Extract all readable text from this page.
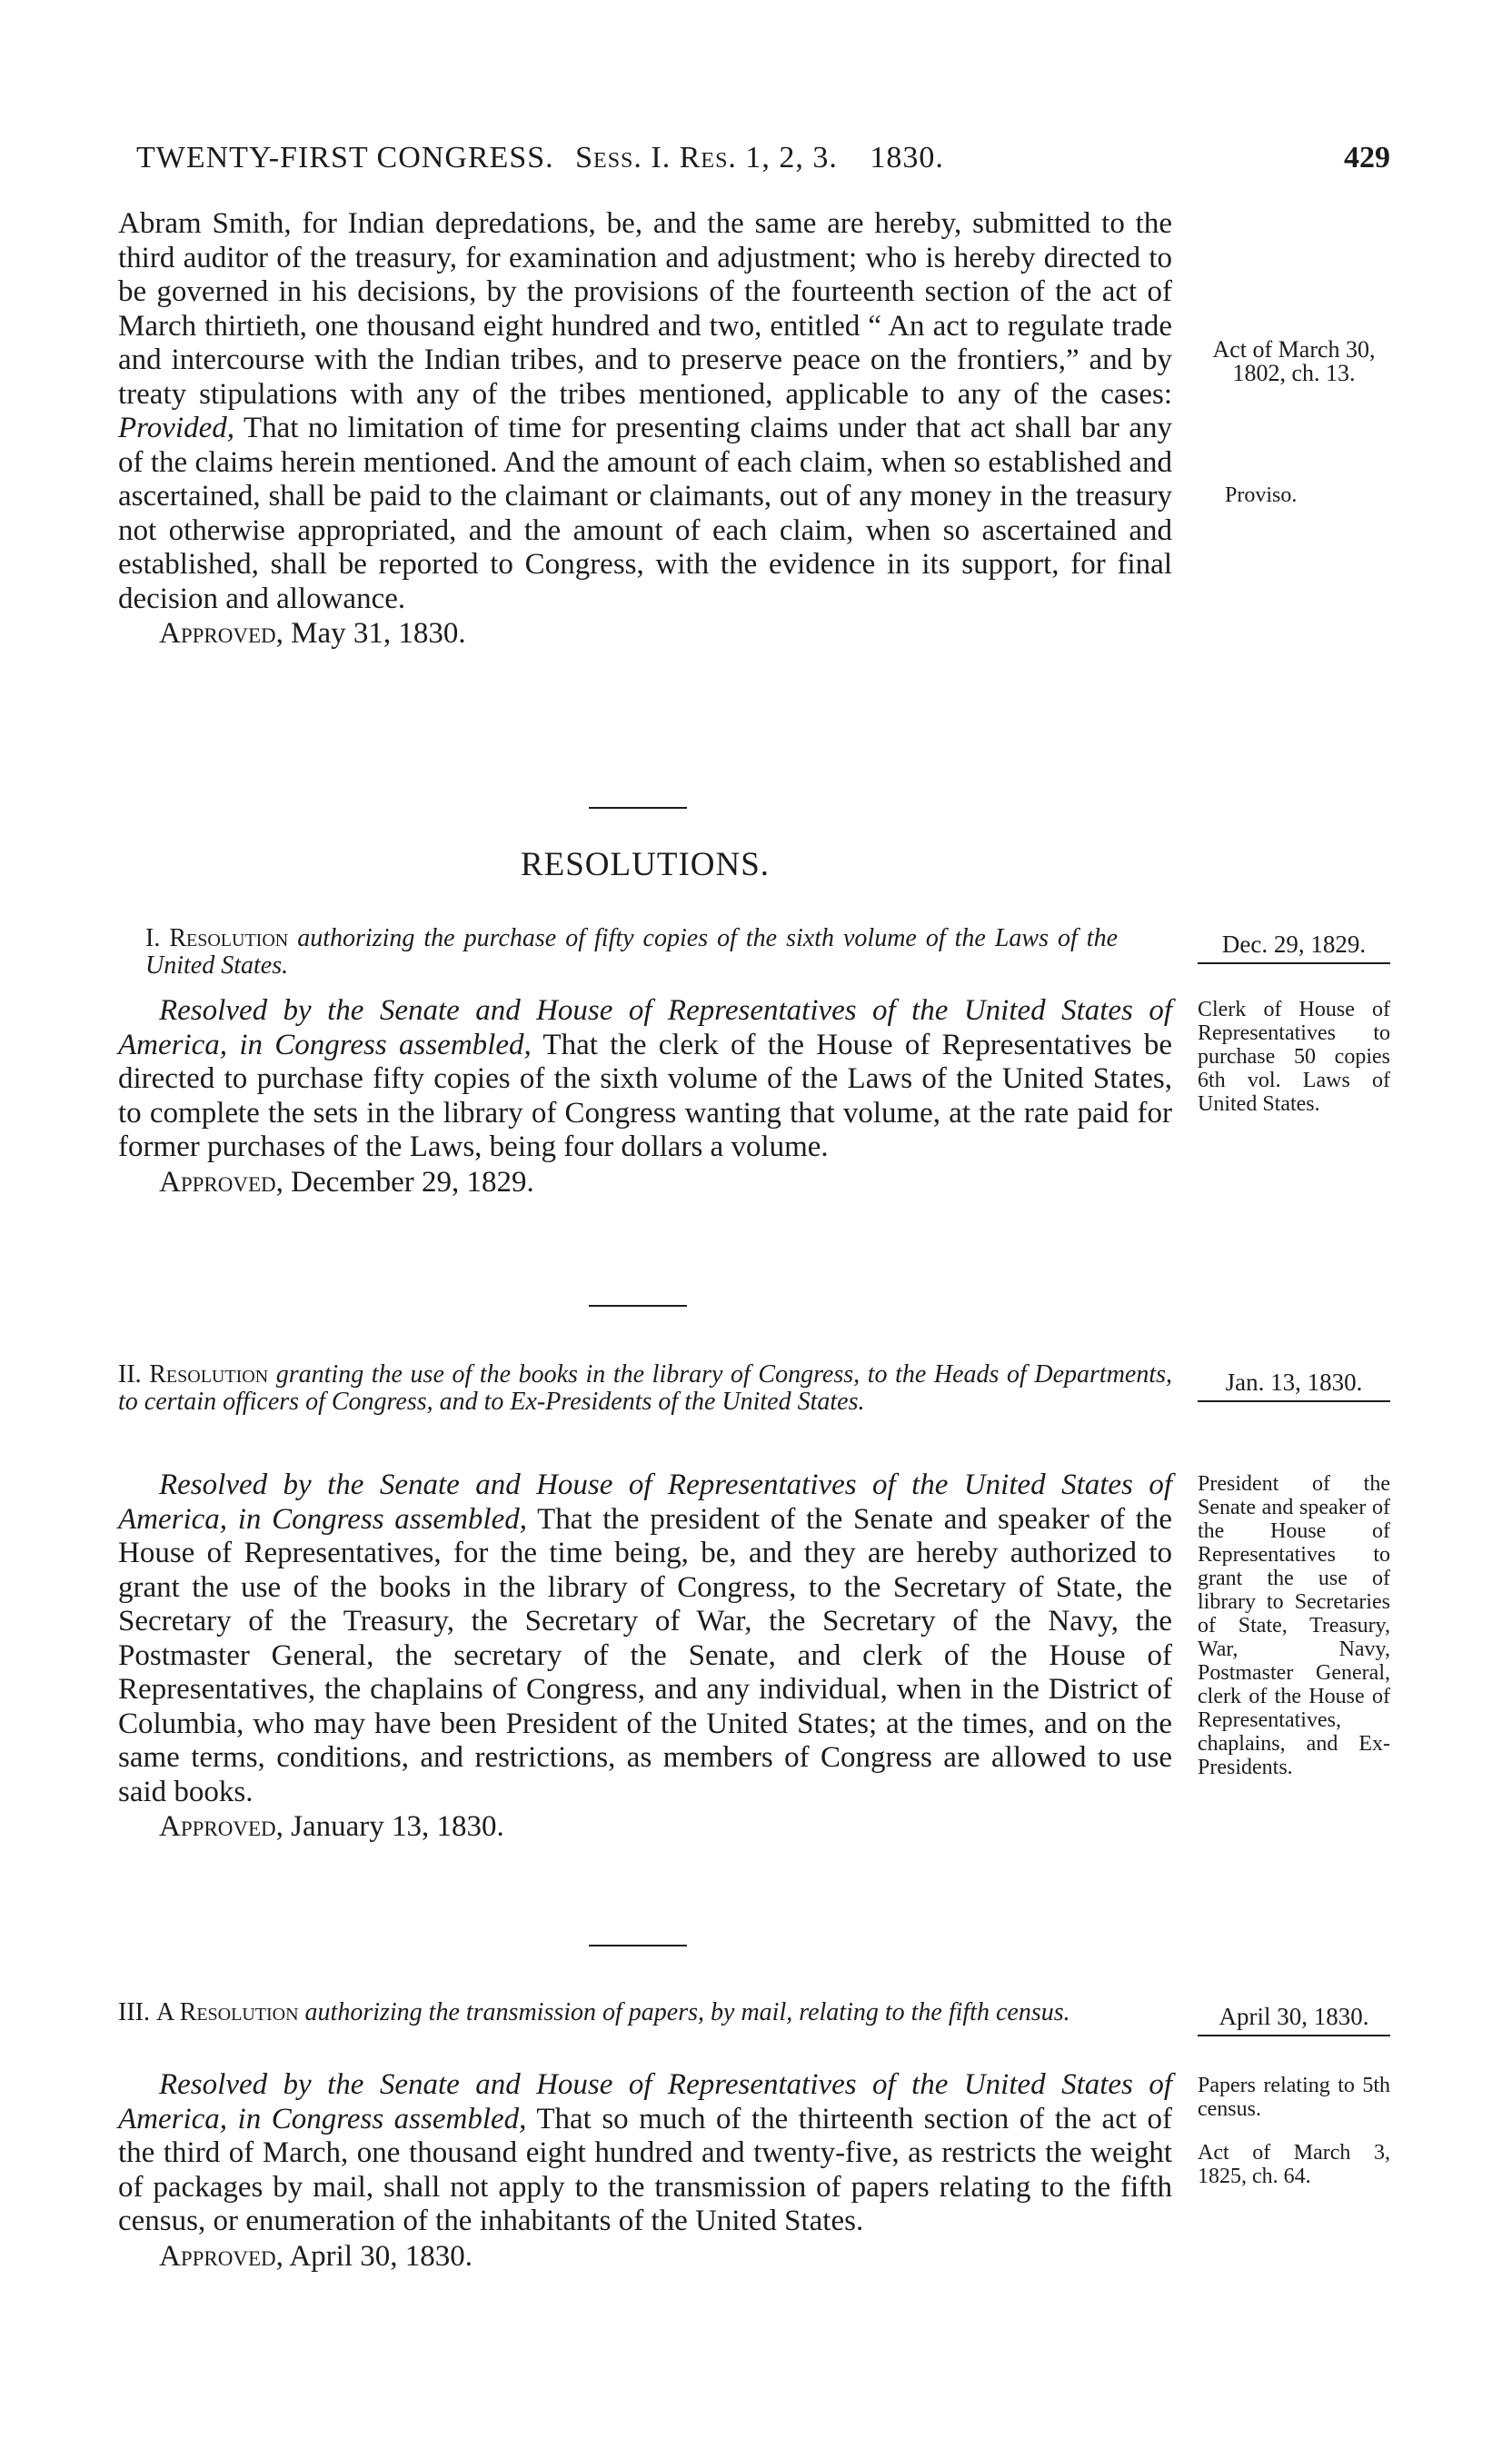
TWENTY-FIRST CONGRESS. Sess. I. Res. 1, 2, 3. 1830.	429

Abram Smith, for Indian depredations, be, and the same are hereby, submitted to the third auditor of the treasury, for examination and adjustment; who is hereby directed to be governed in his decisions, by the provisions of the fourteenth section of the act of March thirtieth, one thousand eight hundred and two, entitled “ An act to regulate trade and intercourse with the Indian tribes, and to preserve peace on the frontiers,” and by treaty stipulations with any of the tribes mentioned, applicable to any of the cases: Provided, That no limitation of time for presenting claims under that act shall bar any of the claims herein mentioned. And the amount of each claim, when so established and ascertained, shall be paid to the claimant or claimants, out of any money in the treasury not otherwise appropriated, and the amount of each claim, when so ascertained and established, shall be reported to Congress, with the evidence in its support, for final decision and allowance.

Approved, May 31, 1830.

Act of March 30, 1802, ch. 13.
Proviso.
RESOLUTIONS.
I. Resolution authorizing the purchase of fifty copies of the sixth volume of the Laws of the United States.
Dec. 29, 1829.

Resolved by the Senate and House of Representatives of the United States of America, in Congress assembled, That the clerk of the House of Representatives be directed to purchase fifty copies of the sixth volume of the Laws of the United States, to complete the sets in the library of Congress wanting that volume, at the rate paid for former purchases of the Laws, being four dollars a volume.

Approved, December 29, 1829.

Clerk of House of Representatives to purchase 50 copies 6th vol. Laws of United States.
II. Resolution granting the use of the books in the library of Congress, to the Heads of Departments, to certain officers of Congress, and to Ex-Presidents of the United States.
Jan. 13, 1830.

Resolved by the Senate and House of Representatives of the United States of America, in Congress assembled, That the president of the Senate and speaker of the House of Representatives, for the time being, be, and they are hereby authorized to grant the use of the books in the library of Congress, to the Secretary of State, the Secretary of the Treasury, the Secretary of War, the Secretary of the Navy, the Postmaster General, the secretary of the Senate, and clerk of the House of Representatives, the chaplains of Congress, and any individual, when in the District of Columbia, who may have been President of the United States; at the times, and on the same terms, conditions, and restrictions, as members of Congress are allowed to use said books.

Approved, January 13, 1830.

President of the Senate and speaker of the House of Representatives to grant the use of library to Secretaries of State, Treasury, War, Navy, Postmaster General, clerk of the House of Representatives, chaplains, and Ex-Presidents.
III. A Resolution authorizing the transmission of papers, by mail, relating to the fifth census.	April 30, 1830.

Resolved by the Senate and House of Representatives of the United States of America, in Congress assembled, That so much of the thirteenth section of the act of the third of March, one thousand eight hundred and twenty-five, as restricts the weight of packages by mail, shall not apply to the transmission of papers relating to the fifth census, or enumeration of the inhabitants of the United States.

Approved, April 30, 1830.

Papers relating to 5th census.
Act of March 3, 1825, ch. 64.
